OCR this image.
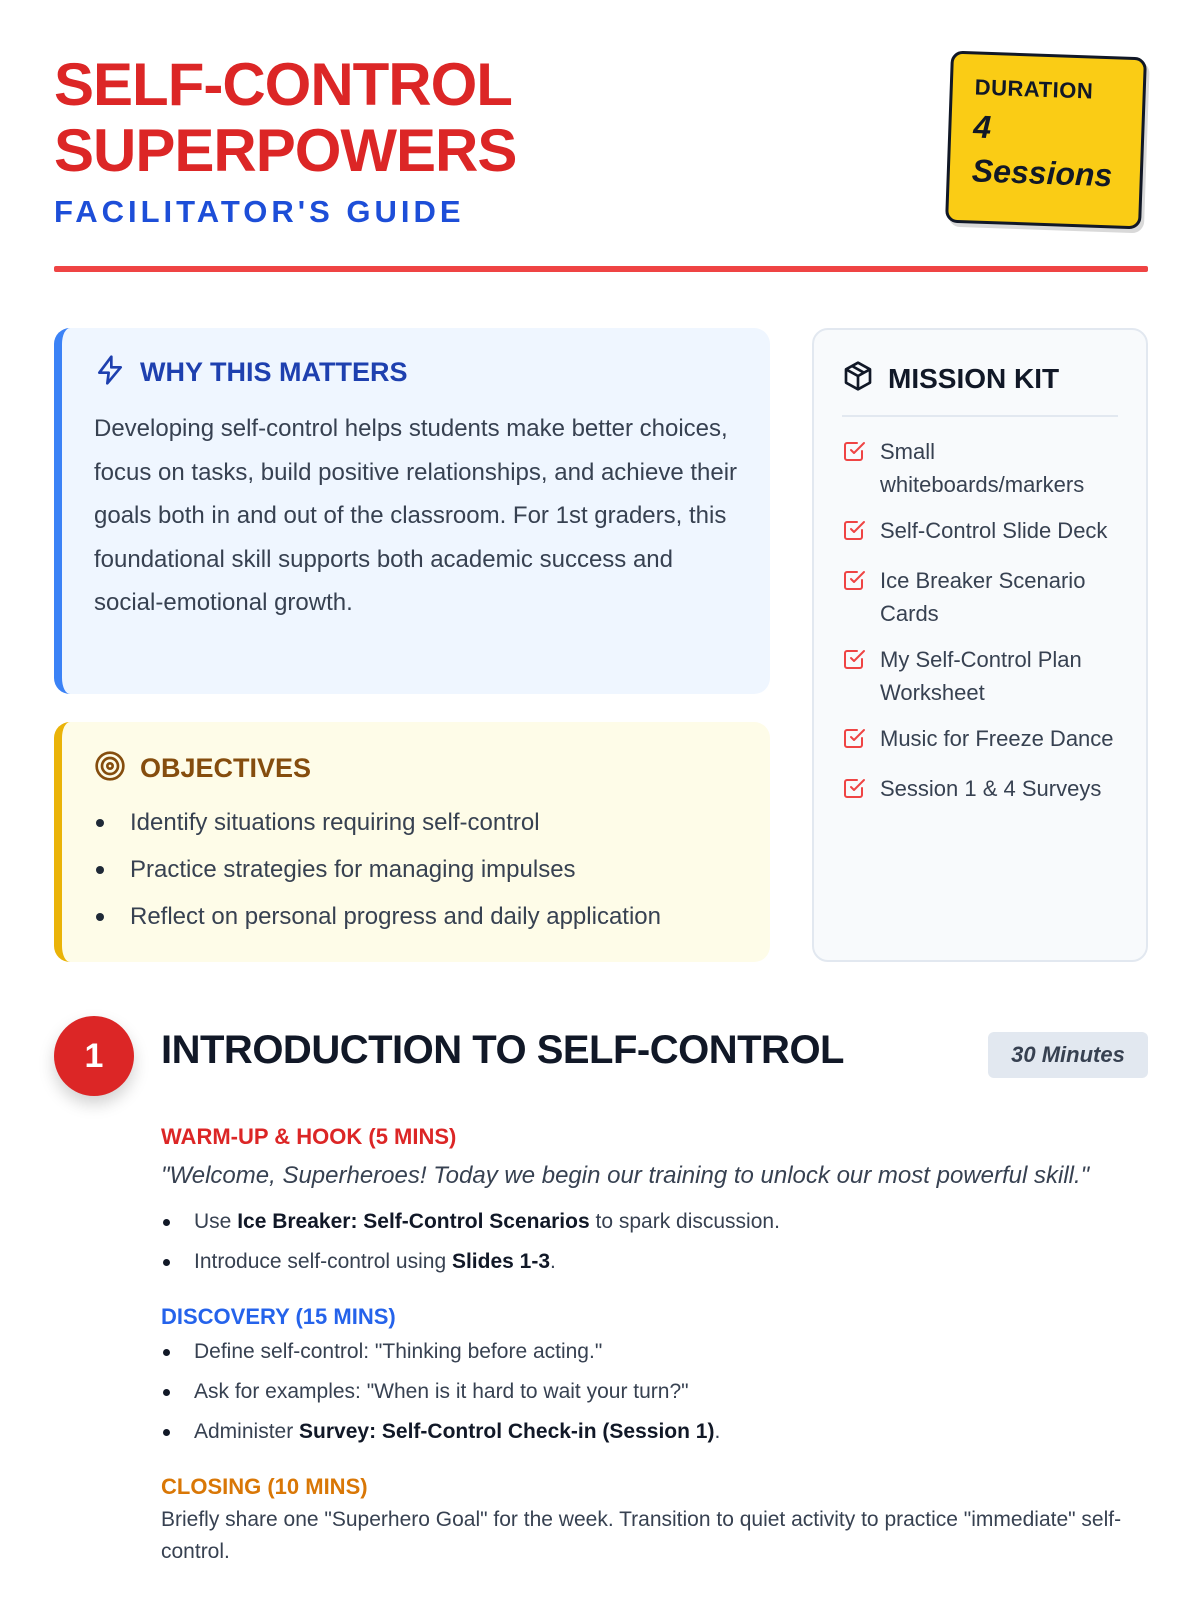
SELF-CONTROL
SUPERPOWERS
FACILITATOR'S GUIDE
DURATION
4
Sessions
WHY THIS MATTERS

Developing self-control helps students make better choices, focus on tasks, build positive relationships, and achieve their goals both in and out of the classroom. For 1st graders, this foundational skill supports both academic success and social-emotional growth.

OBJECTIVES
Identify situations requiring self-control
Practice strategies for managing impulses
Reflect on personal progress and daily application
MISSION KIT
Small whiteboards/markers
Self-Control Slide Deck
Ice Breaker Scenario Cards
My Self-Control Plan Worksheet
Music for Freeze Dance
Session 1 & 4 Surveys
1	INTRODUCTION TO SELF-CONTROL	30 Minutes
WARM-UP & HOOK (5 MINS)
"Welcome, Superheroes! Today we begin our training to unlock our most powerful skill."
Use Ice Breaker: Self-Control Scenarios to spark discussion.
Introduce self-control using Slides 1-3.
DISCOVERY (15 MINS)
Define self-control: "Thinking before acting."
Ask for examples: "When is it hard to wait your turn?"
Administer Survey: Self-Control Check-in (Session 1).
CLOSING (10 MINS)

Briefly share one "Superhero Goal" for the week. Transition to quiet activity to practice "immediate" self-control.
